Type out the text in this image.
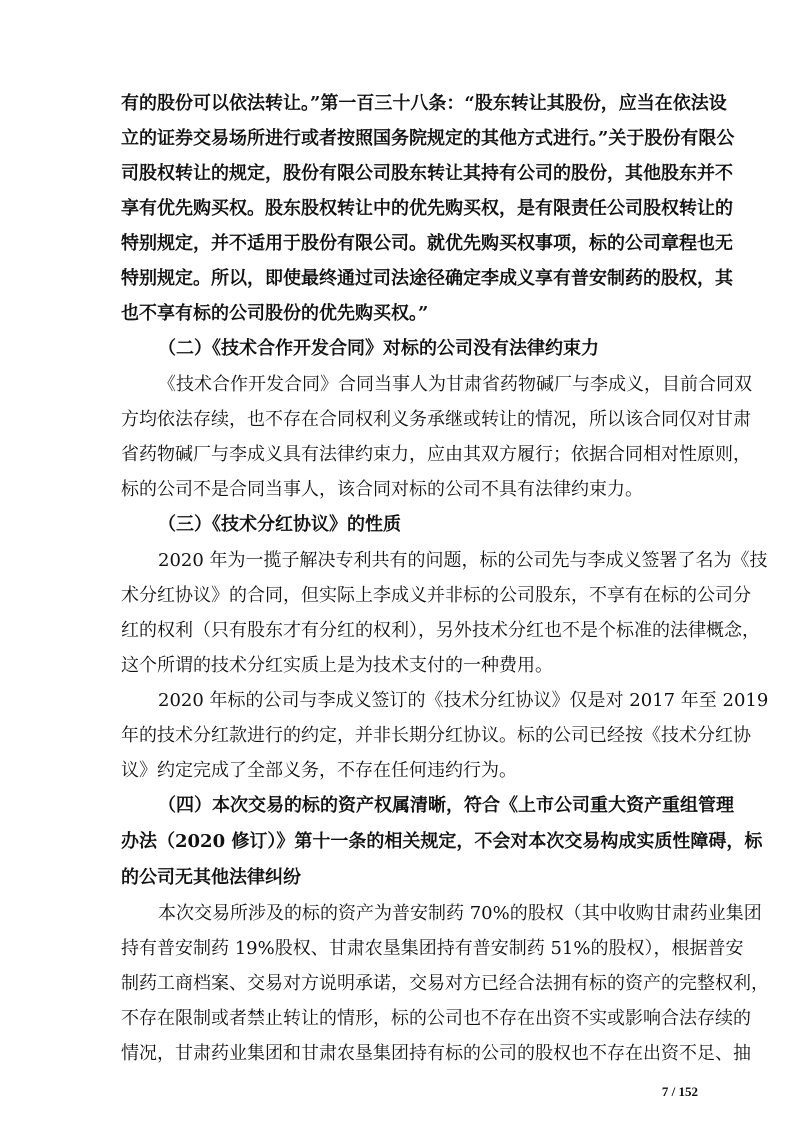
有的股份可以依法转让。”第一百三十八条：“股东转让其股份，应当在依法设
立的证券交易场所进行或者按照国务院规定的其他方式进行。”关于股份有限公
司股权转让的规定，股份有限公司股东转让其持有公司的股份，其他股东并不
享有优先购买权。股东股权转让中的优先购买权，是有限责任公司股权转让的
特别规定，并不适用于股份有限公司。就优先购买权事项，标的公司章程也无
特别规定。所以，即使最终通过司法途径确定李成义享有普安制药的股权，其
也不享有标的公司股份的优先购买权。”
（二）《技术合作开发合同》对标的公司没有法律约束力
《技术合作开发合同》合同当事人为甘肃省药物碱厂与李成义，目前合同双
方均依法存续，也不存在合同权利义务承继或转让的情况，所以该合同仅对甘肃
省药物碱厂与李成义具有法律约束力，应由其双方履行；依据合同相对性原则，
标的公司不是合同当事人，该合同对标的公司不具有法律约束力。
（三）《技术分红协议》的性质
2020 年为一揽子解决专利共有的问题，标的公司先与李成义签署了名为《技
术分红协议》的合同，但实际上李成义并非标的公司股东，不享有在标的公司分
红的权利（只有股东才有分红的权利），另外技术分红也不是个标准的法律概念，
这个所谓的技术分红实质上是为技术支付的一种费用。
2020 年标的公司与李成义签订的《技术分红协议》仅是对 2017 年至 2019
年的技术分红款进行的约定，并非长期分红协议。标的公司已经按《技术分红协
议》约定完成了全部义务，不存在任何违约行为。
（四）本次交易的标的资产权属清晰，符合《上市公司重大资产重组管理
办法（2020 修订）》第十一条的相关规定，不会对本次交易构成实质性障碍，标
的公司无其他法律纠纷
本次交易所涉及的标的资产为普安制药 70%的股权（其中收购甘肃药业集团
持有普安制药 19%股权、甘肃农垦集团持有普安制药 51%的股权），根据普安
制药工商档案、交易对方说明承诺，交易对方已经合法拥有标的资产的完整权利，
不存在限制或者禁止转让的情形，标的公司也不存在出资不实或影响合法存续的
情况，甘肃药业集团和甘肃农垦集团持有标的公司的股权也不存在出资不足、抽
7 / 152
